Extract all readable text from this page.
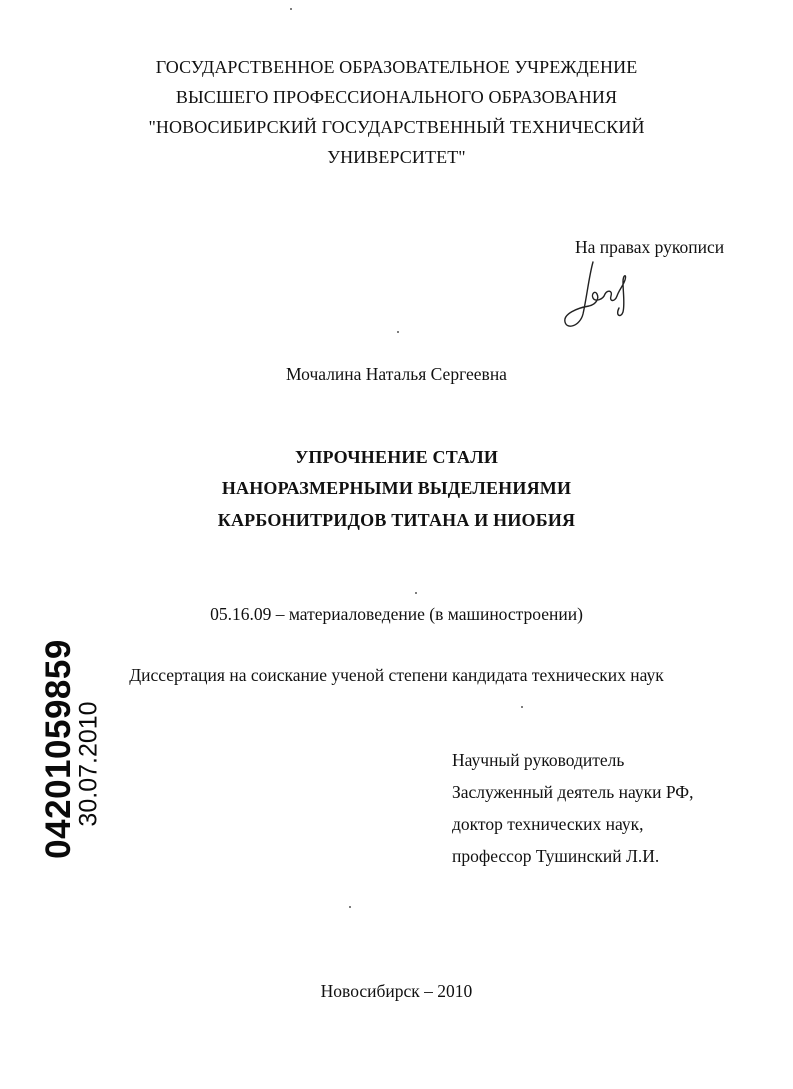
ГОСУДАРСТВЕННОЕ ОБРАЗОВАТЕЛЬНОЕ УЧРЕЖДЕНИЕ
ВЫСШЕГО ПРОФЕССИОНАЛЬНОГО ОБРАЗОВАНИЯ
"НОВОСИБИРСКИЙ ГОСУДАРСТВЕННЫЙ ТЕХНИЧЕСКИЙ
УНИВЕРСИТЕТ"
На правах рукописи
Мочалина Наталья Сергеевна
УПРОЧНЕНИЕ СТАЛИ
НАНОРАЗМЕРНЫМИ ВЫДЕЛЕНИЯМИ
КАРБОНИТРИДОВ ТИТАНА И НИОБИЯ
05.16.09 – материаловедение (в машиностроении)
Диссертация на соискание ученой степени кандидата технических наук
Научный руководитель
Заслуженный деятель науки РФ,
доктор технических наук,
профессор Тушинский Л.И.
Новосибирск – 2010
04201059859
30.07.2010
